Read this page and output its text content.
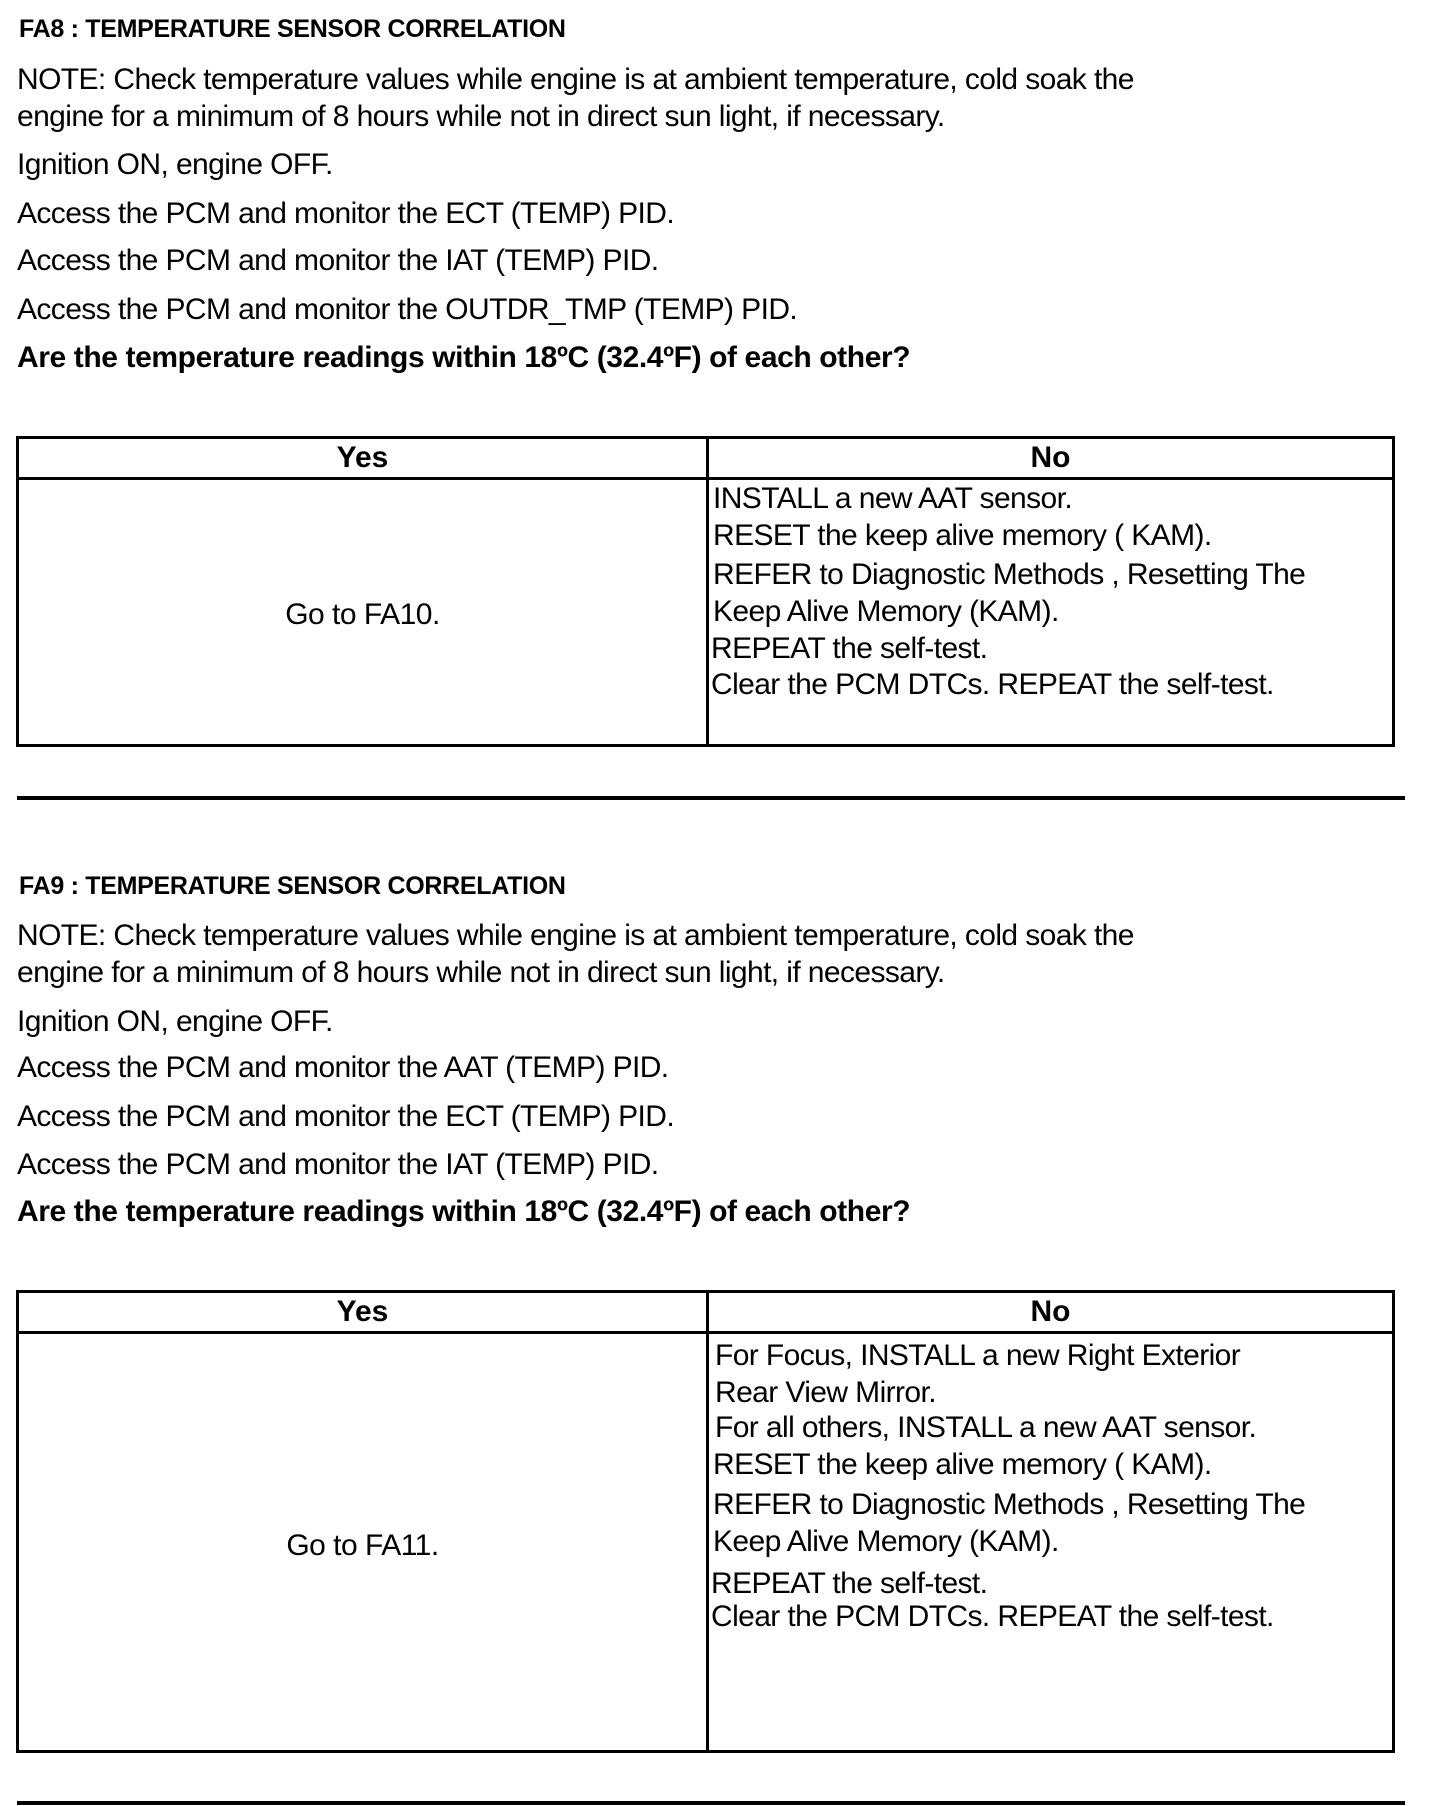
FA8 : TEMPERATURE SENSOR CORRELATION
NOTE: Check temperature values while engine is at ambient temperature, cold soak the
engine for a minimum of 8 hours while not in direct sun light, if necessary.
Ignition ON, engine OFF.
Access the PCM and monitor the ECT (TEMP) PID.
Access the PCM and monitor the IAT (TEMP) PID.
Access the PCM and monitor the OUTDR_TMP (TEMP) PID.
Are the temperature readings within 18ºC (32.4ºF) of each other?
Yes	No
Go to FA10.
INSTALL a new AAT sensor.
RESET the keep alive memory ( KAM).
REFER to Diagnostic Methods , Resetting The
Keep Alive Memory (KAM).
REPEAT the self-test.
Clear the PCM DTCs. REPEAT the self-test.
FA9 : TEMPERATURE SENSOR CORRELATION
NOTE: Check temperature values while engine is at ambient temperature, cold soak the
engine for a minimum of 8 hours while not in direct sun light, if necessary.
Ignition ON, engine OFF.
Access the PCM and monitor the AAT (TEMP) PID.
Access the PCM and monitor the ECT (TEMP) PID.
Access the PCM and monitor the IAT (TEMP) PID.
Are the temperature readings within 18ºC (32.4ºF) of each other?
Yes	No
Go to FA11.
For Focus, INSTALL a new Right Exterior
Rear View Mirror.
For all others, INSTALL a new AAT sensor.
RESET the keep alive memory ( KAM).
REFER to Diagnostic Methods , Resetting The
Keep Alive Memory (KAM).
REPEAT the self-test.
Clear the PCM DTCs. REPEAT the self-test.
